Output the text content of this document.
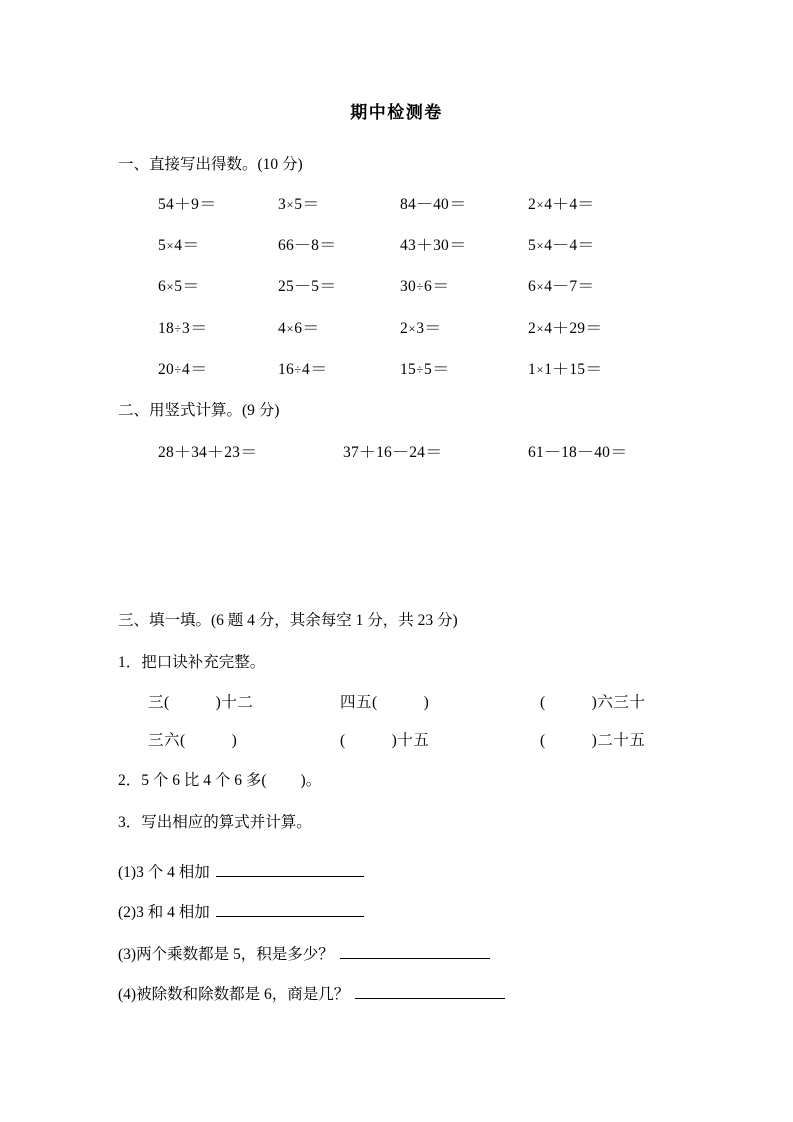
期中检测卷
一、直接写出得数。(10 分)
54＋9＝	3×5＝	84－40＝	2×4＋4＝
5×4＝	66－8＝	43＋30＝	5×4－4＝
6×5＝	25－5＝	30÷6＝	6×4－7＝
18÷3＝	4×6＝	2×3＝	2×4＋29＝
20÷4＝	16÷4＝	15÷5＝	1×1＋15＝
二、用竖式计算。(9 分)
28＋34＋23＝	37＋16－24＝	61－18－40＝
三、填一填。(6 题 4 分，其余每空 1 分，共 23 分)
1．把口诀补充完整。
三(	)十二	四五(	)	(	)六三十
三六(	)	(	)十五	(	)二十五
2．5 个 6 比 4 个 6 多( )。
3．写出相应的算式并计算。
(1)3 个 4 相加
(2)3 和 4 相加
(3)两个乘数都是 5，积是多少？
(4)被除数和除数都是 6，商是几？
